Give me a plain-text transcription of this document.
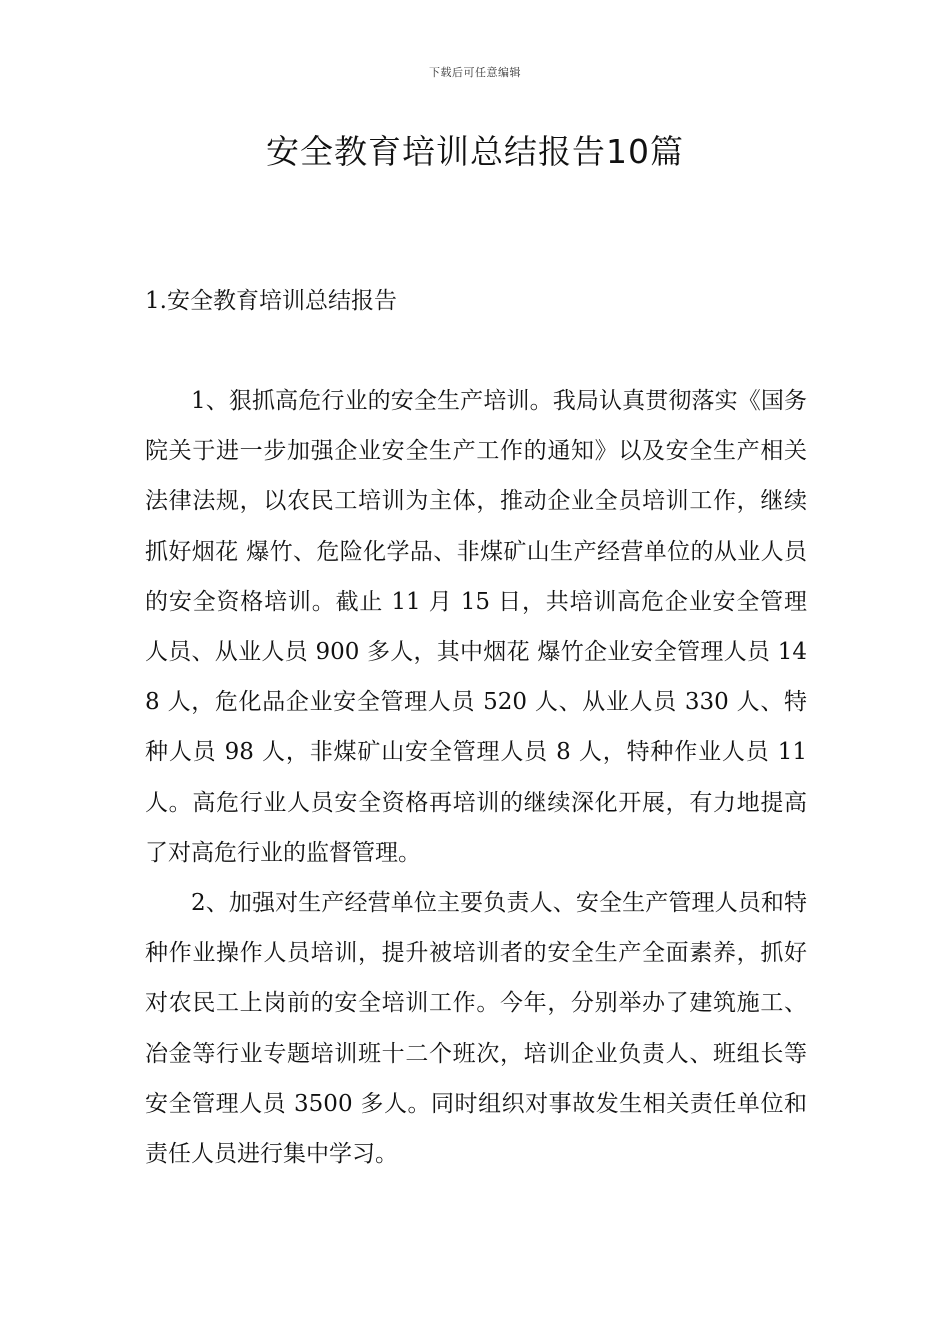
下载后可任意编辑
安全教育培训总结报告10篇
1.安全教育培训总结报告

1、狠抓高危行业的安全生产培训。我局认真贯彻落实《国务院关于进一步加强企业安全生产工作的通知》以及安全生产相关法律法规，以农民工培训为主体，推动企业全员培训工作，继续抓好烟花 爆竹、危险化学品、非煤矿山生产经营单位的从业人员的安全资格培训。截止 11 月 15 日，共培训高危企业安全管理人员、从业人员 900 多人，其中烟花 爆竹企业安全管理人员 148 人，危化品企业安全管理人员 520 人、从业人员 330 人、特种人员 98 人，非煤矿山安全管理人员 8 人，特种作业人员 11 人。高危行业人员安全资格再培训的继续深化开展，有力地提高了对高危行业的监督管理。

2、加强对生产经营单位主要负责人、安全生产管理人员和特种作业操作人员培训，提升被培训者的安全生产全面素养，抓好对农民工上岗前的安全培训工作。今年，分别举办了建筑施工、冶金等行业专题培训班十二个班次，培训企业负责人、班组长等安全管理人员 3500 多人。同时组织对事故发生相关责任单位和责任人员进行集中学习。
